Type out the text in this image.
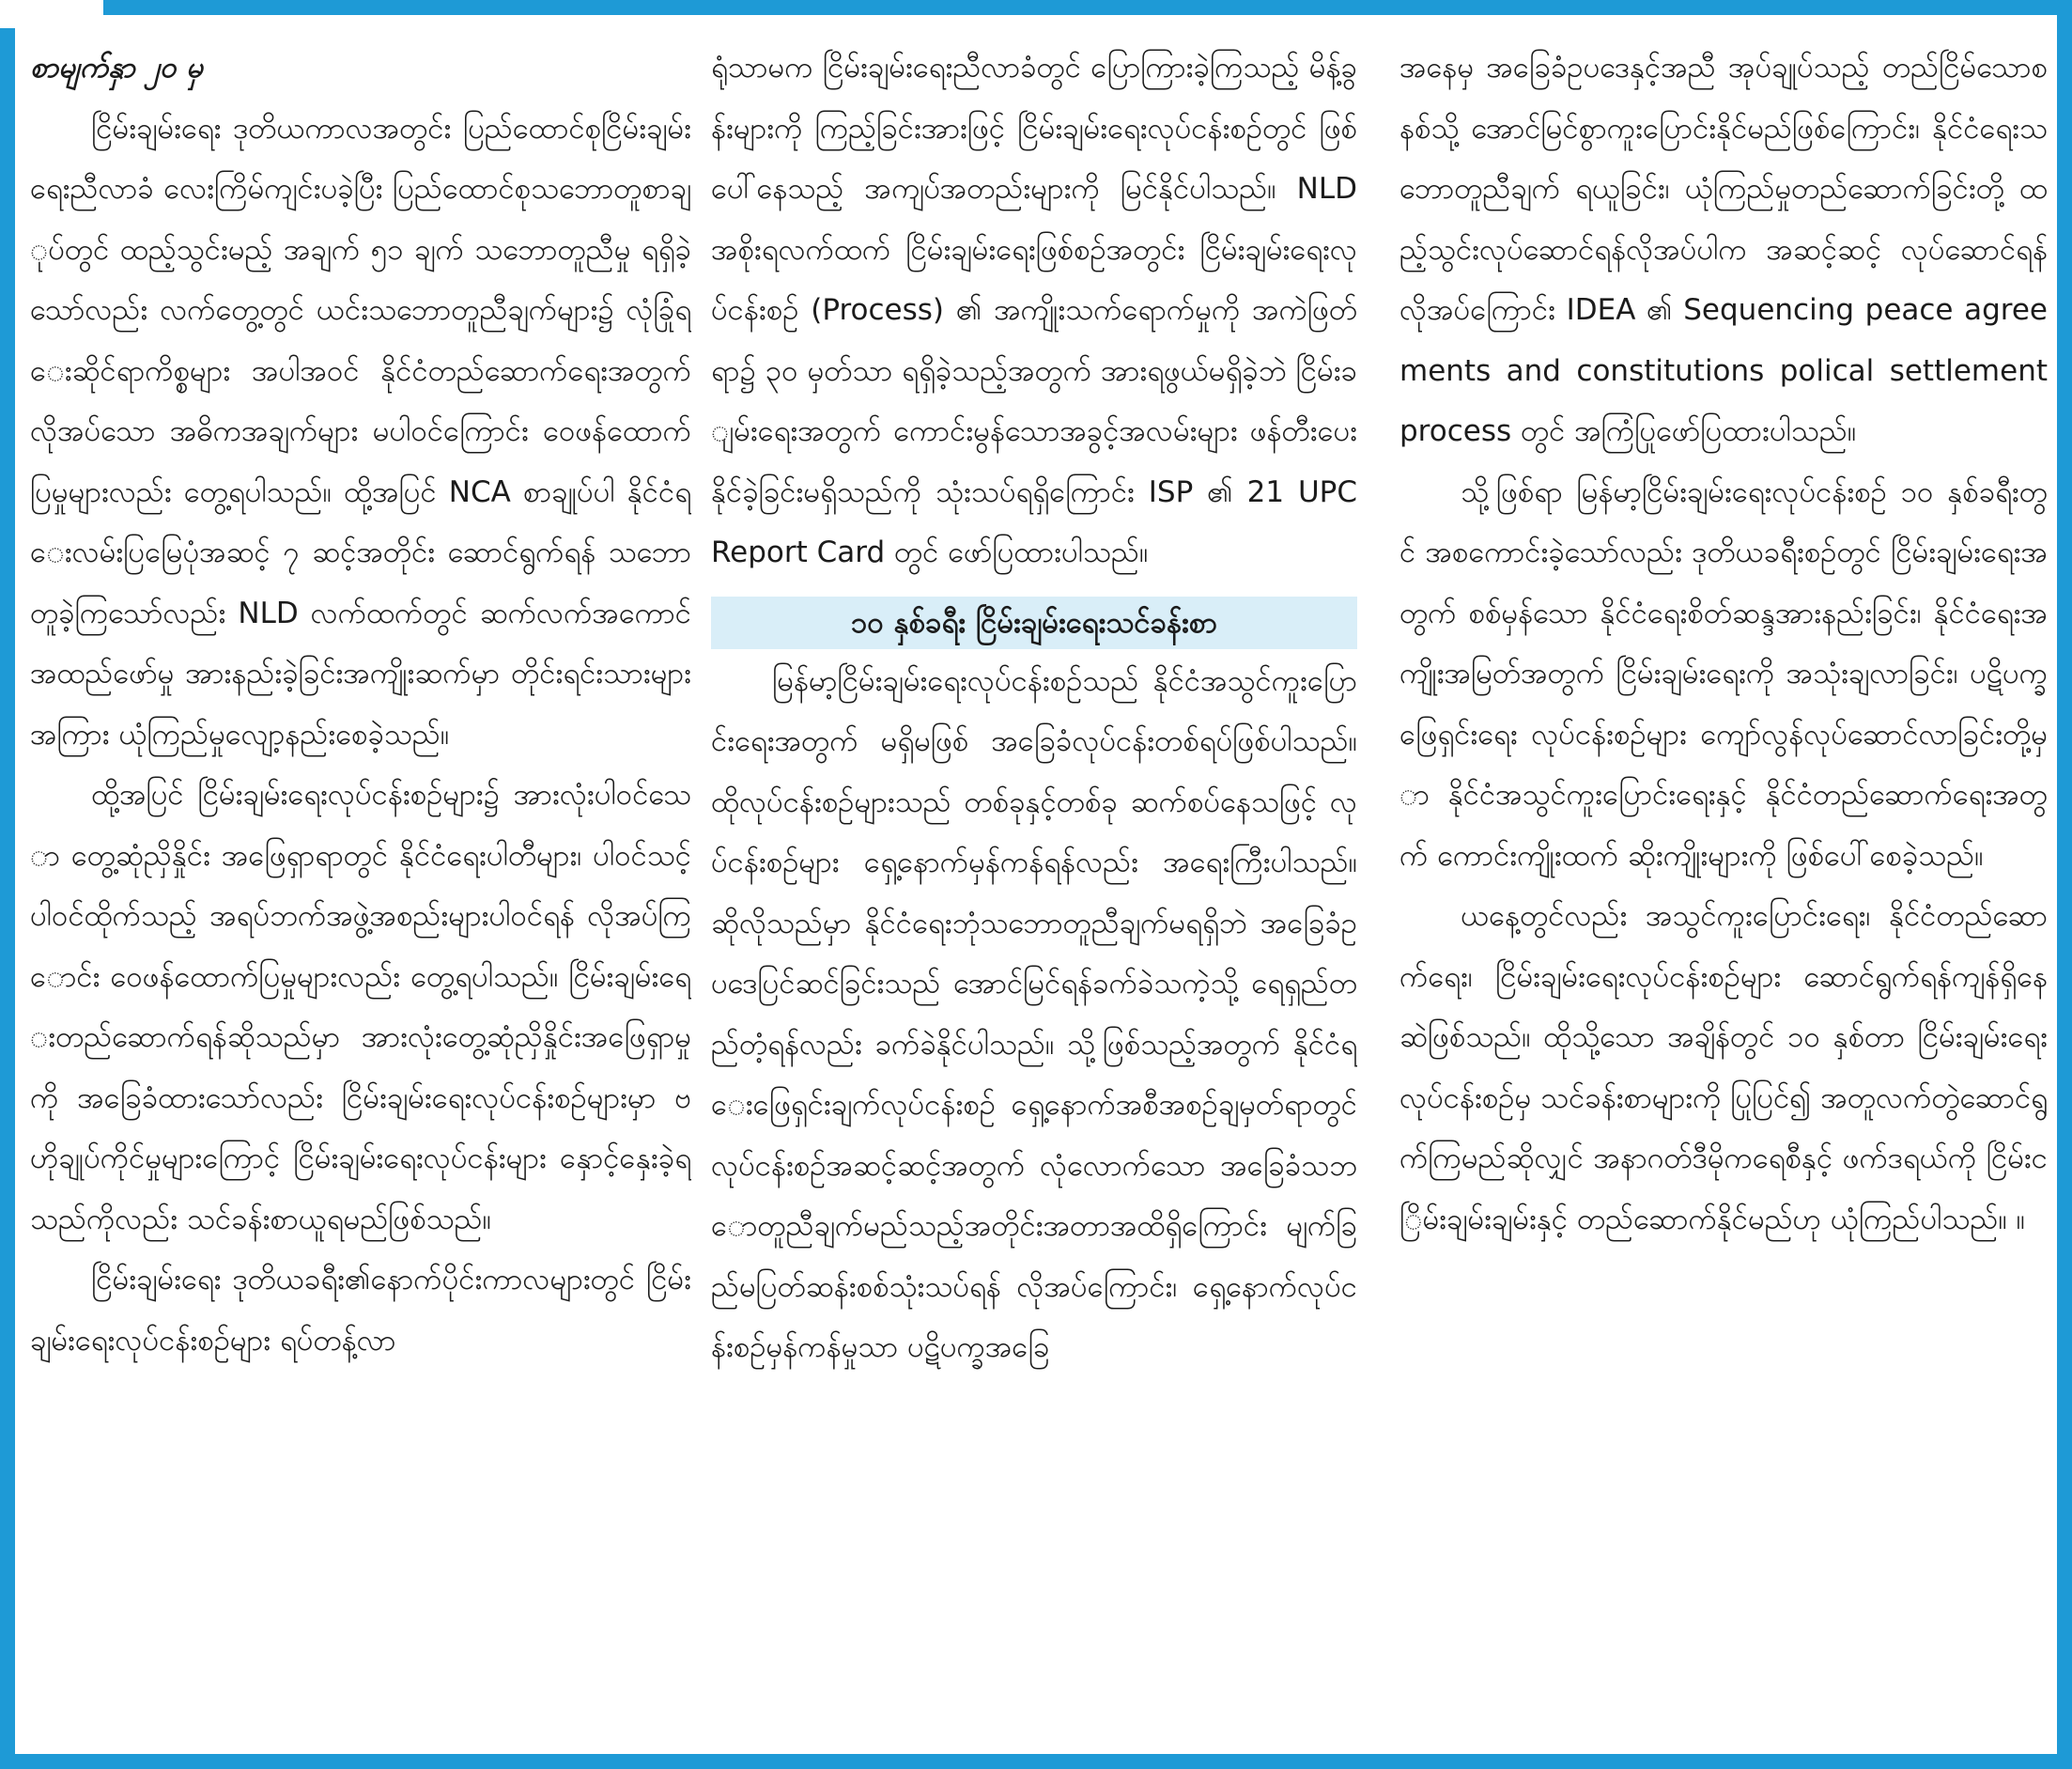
စာမျက်နှာ ၂၀ မှ

ငြိမ်းချမ်းရေး ဒုတိယကာလအတွင်း ပြည်ထောင်စုငြိမ်းချမ်းရေးညီလာခံ လေးကြိမ်ကျင်းပခဲ့ပြီး ပြည်ထောင်စုသဘောတူစာချုပ်တွင် ထည့်သွင်းမည့် အချက် ၅၁ ချက် သဘောတူညီမှု ရရှိခဲ့သော်လည်း လက်တွေ့တွင် ယင်းသဘောတူညီချက်များ၌ လုံခြုံရေးဆိုင်ရာကိစ္စများ အပါအဝင် နိုင်ငံတည်ဆောက်ရေးအတွက် လိုအပ်သော အဓိကအချက်များ မပါဝင်ကြောင်း ဝေဖန်ထောက်ပြမှုများလည်း တွေ့ရပါသည်။ ထို့အပြင် NCA စာချုပ်ပါ နိုင်ငံရေးလမ်းပြမြေပုံအဆင့် ၇ ဆင့်အတိုင်း ဆောင်ရွက်ရန် သဘောတူခဲ့ကြသော်လည်း NLD လက်ထက်တွင် ဆက်လက်အကောင်အထည်ဖော်မှု အားနည်းခဲ့ခြင်းအကျိုးဆက်မှာ တိုင်းရင်းသားများအကြား ယုံကြည်မှုလျော့နည်းစေခဲ့သည်။

ထို့အပြင် ငြိမ်းချမ်းရေးလုပ်ငန်းစဉ်များ၌ အားလုံးပါဝင်သော တွေ့ဆုံညှိနှိုင်း အဖြေရှာရာတွင် နိုင်ငံရေးပါတီများ၊ ပါဝင်သင့်ပါဝင်ထိုက်သည့် အရပ်ဘက်အဖွဲ့အစည်းများပါဝင်ရန် လိုအပ်ကြောင်း ဝေဖန်ထောက်ပြမှုများလည်း တွေ့ရပါသည်။ ငြိမ်းချမ်းရေးတည်ဆောက်ရန်ဆိုသည်မှာ အားလုံးတွေ့ဆုံညှိနှိုင်းအဖြေရှာမှုကို အခြေခံထားသော်လည်း ငြိမ်းချမ်းရေးလုပ်ငန်းစဉ်များမှာ ဗဟိုချုပ်ကိုင်မှုများကြောင့် ငြိမ်းချမ်းရေးလုပ်ငန်းများ နှောင့်နှေးခဲ့ရသည်ကိုလည်း သင်ခန်းစာယူရမည်ဖြစ်သည်။

ငြိမ်းချမ်းရေး ဒုတိယခရီး၏နောက်ပိုင်းကာလများတွင် ငြိမ်းချမ်းရေးလုပ်ငန်းစဉ်များ ရပ်တန့်လာ

ရုံသာမက ငြိမ်းချမ်းရေးညီလာခံတွင် ပြောကြားခဲ့ကြသည့် မိန့်ခွန်းများကို ကြည့်ခြင်းအားဖြင့် ငြိမ်းချမ်းရေးလုပ်ငန်းစဉ်တွင် ဖြစ်ပေါ်နေသည့် အကျပ်အတည်းများကို မြင်နိုင်ပါသည်။ NLD အစိုးရလက်ထက် ငြိမ်းချမ်းရေးဖြစ်စဉ်အတွင်း ငြိမ်းချမ်းရေးလုပ်ငန်းစဉ် (Process) ၏ အကျိုးသက်ရောက်မှုကို အကဲဖြတ်ရာ၌ ၃၀ မှတ်သာ ရရှိခဲ့သည့်အတွက် အားရဖွယ်မရှိခဲ့ဘဲ ငြိမ်းချမ်းရေးအတွက် ကောင်းမွန်သောအခွင့်အလမ်းများ ဖန်တီးပေးနိုင်ခဲ့ခြင်းမရှိသည်ကို သုံးသပ်ရရှိကြောင်း ISP ၏ 21 UPC Report Card တွင် ဖော်ပြထားပါသည်။

၁၀ နှစ်ခရီး ငြိမ်းချမ်းရေးသင်ခန်းစာ

မြန်မာ့ငြိမ်းချမ်းရေးလုပ်ငန်းစဉ်သည် နိုင်ငံအသွင်ကူးပြောင်းရေးအတွက် မရှိမဖြစ် အခြေခံလုပ်ငန်းတစ်ရပ်ဖြစ်ပါသည်။ ထိုလုပ်ငန်းစဉ်များသည် တစ်ခုနှင့်တစ်ခု ဆက်စပ်နေသဖြင့် လုပ်ငန်းစဉ်များ ရှေ့နောက်မှန်ကန်ရန်လည်း အရေးကြီးပါသည်။ ဆိုလိုသည်မှာ နိုင်ငံရေးဘုံသဘောတူညီချက်မရရှိဘဲ အခြေခံဥပဒေပြင်ဆင်ခြင်းသည် အောင်မြင်ရန်ခက်ခဲသကဲ့သို့ ရေရှည်တည်တံ့ရန်လည်း ခက်ခဲနိုင်ပါသည်။ သို့ဖြစ်သည့်အတွက် နိုင်ငံရေးဖြေရှင်းချက်လုပ်ငန်းစဉ် ရှေ့နောက်အစီအစဉ်ချမှတ်ရာတွင် လုပ်ငန်းစဉ်အဆင့်ဆင့်အတွက် လုံလောက်သော အခြေခံသဘောတူညီချက်မည်သည့်အတိုင်းအတာအထိရှိကြောင်း မျက်ခြည်မပြတ်ဆန်းစစ်သုံးသပ်ရန် လိုအပ်ကြောင်း၊ ရှေ့နောက်လုပ်ငန်းစဉ်မှန်ကန်မှုသာ ပဋိပက္ခအခြေ

အနေမှ အခြေခံဥပဒေနှင့်အညီ အုပ်ချုပ်သည့် တည်ငြိမ်သောစနစ်သို့ အောင်မြင်စွာကူးပြောင်းနိုင်မည်ဖြစ်ကြောင်း၊ နိုင်ငံရေးသဘောတူညီချက် ရယူခြင်း၊ ယုံကြည်မှုတည်ဆောက်ခြင်းတို့ ထည့်သွင်းလုပ်ဆောင်ရန်လိုအပ်ပါက အဆင့်ဆင့် လုပ်ဆောင်ရန် လိုအပ်ကြောင်း IDEA ၏ Sequencing peace agreements and constitutions polical settlement process တွင် အကြံပြုဖော်ပြထားပါသည်။

သို့ဖြစ်ရာ မြန်မာ့ငြိမ်းချမ်းရေးလုပ်ငန်းစဉ် ၁၀ နှစ်ခရီးတွင် အစကောင်းခဲ့သော်လည်း ဒုတိယခရီးစဉ်တွင် ငြိမ်းချမ်းရေးအတွက် စစ်မှန်သော နိုင်ငံရေးစိတ်ဆန္ဒအားနည်းခြင်း၊ နိုင်ငံရေးအကျိုးအမြတ်အတွက် ငြိမ်းချမ်းရေးကို အသုံးချလာခြင်း၊ ပဋိပက္ခဖြေရှင်းရေး လုပ်ငန်းစဉ်များ ကျော်လွန်လုပ်ဆောင်လာခြင်းတို့မှာ နိုင်ငံအသွင်ကူးပြောင်းရေးနှင့် နိုင်ငံတည်ဆောက်ရေးအတွက် ကောင်းကျိုးထက် ဆိုးကျိုးများကို ဖြစ်ပေါ်စေခဲ့သည်။

ယနေ့တွင်လည်း အသွင်ကူးပြောင်းရေး၊ နိုင်ငံတည်ဆောက်ရေး၊ ငြိမ်းချမ်းရေးလုပ်ငန်းစဉ်များ ဆောင်ရွက်ရန်ကျန်ရှိနေဆဲဖြစ်သည်။ ထိုသို့သော အချိန်တွင် ၁၀ နှစ်တာ ငြိမ်းချမ်းရေးလုပ်ငန်းစဉ်မှ သင်ခန်းစာများကို ပြုပြင်၍ အတူလက်တွဲဆောင်ရွက်ကြမည်ဆိုလျှင် အနာဂတ်ဒီမိုကရေစီနှင့် ဖက်ဒရယ်ကို ငြိမ်းငြိမ်းချမ်းချမ်းနှင့် တည်ဆောက်နိုင်မည်ဟု ယုံကြည်ပါသည်။ ။
